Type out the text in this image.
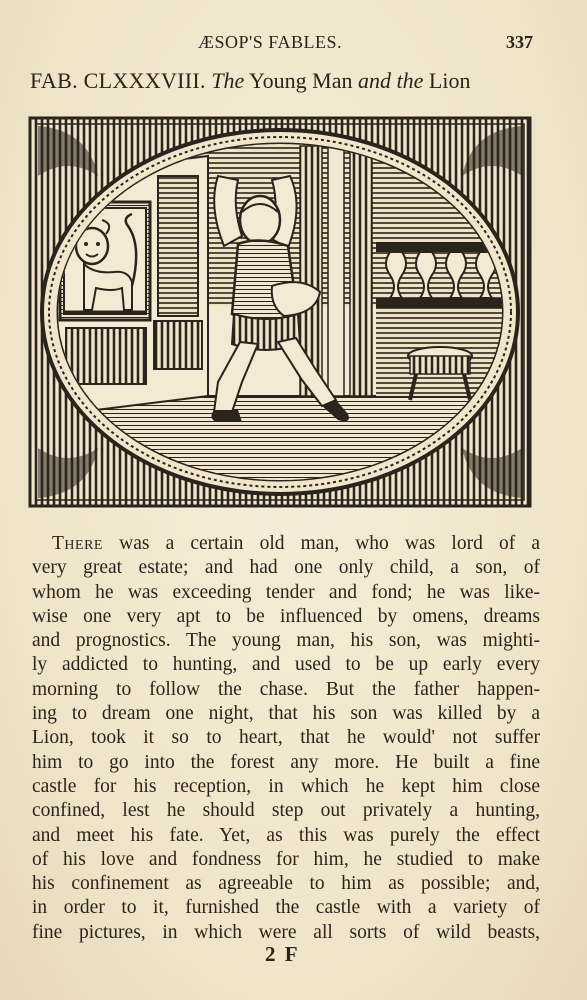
ÆSOP'S FABLES.	337
FAB. CLXXXVIII. The Young Man and the Lion
There was a certain old man, who was lord of a
very great estate; and had one only child, a son, of
whom he was exceeding tender and fond; he was like-
wise one very apt to be influenced by omens, dreams
and prognostics. The young man, his son, was mighti-
ly addicted to hunting, and used to be up early every
morning to follow the chase. But the father happen-
ing to dream one night, that his son was killed by a
Lion, took it so to heart, that he would' not suffer
him to go into the forest any more. He built a fine
castle for his reception, in which he kept him close
confined, lest he should step out privately a hunting,
and meet his fate. Yet, as this was purely the effect
of his love and fondness for him, he studied to make
his confinement as agreeable to him as possible; and,
in order to it, furnished the castle with a variety of
fine pictures, in which were all sorts of wild beasts,
2 F
